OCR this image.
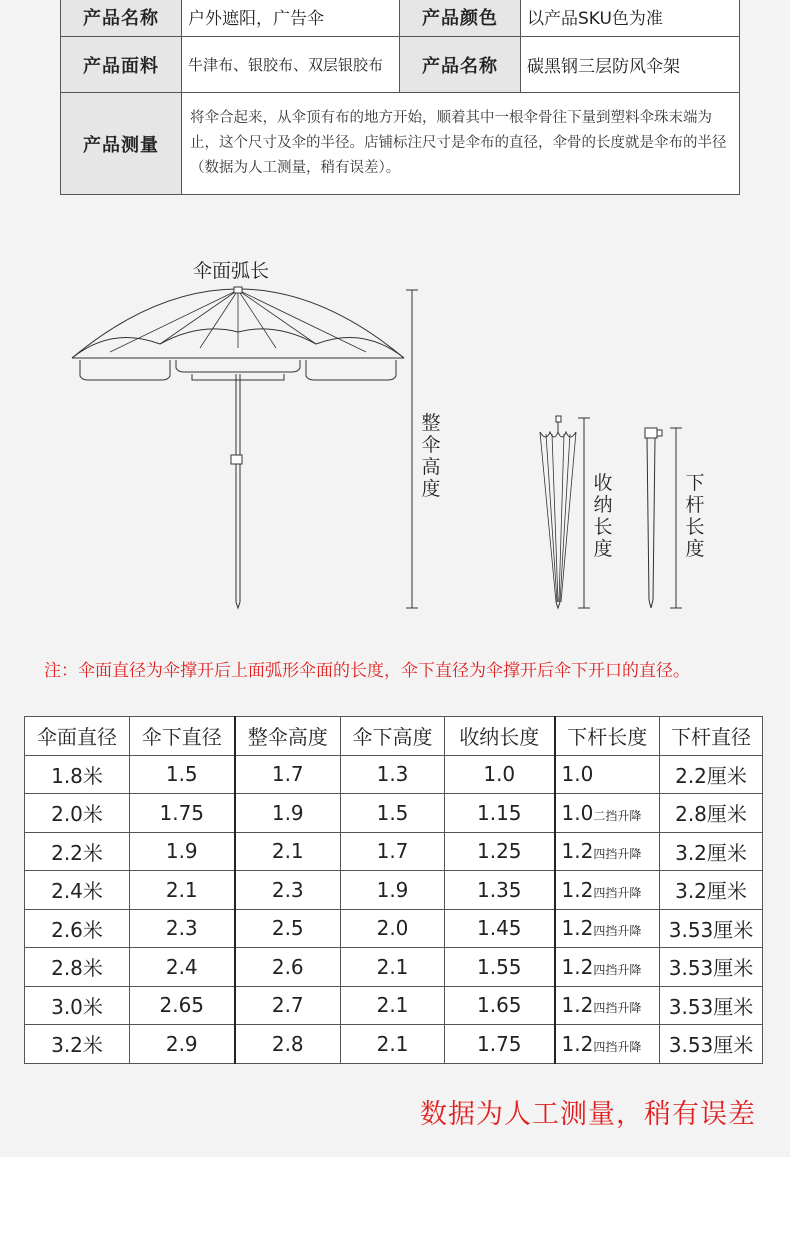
产品名称	户外遮阳，广告伞	产品颜色	以产品SKU色为准
产品面料	牛津布、银胶布、双层银胶布	产品名称	碳黑钢三层防风伞架
产品测量	将伞合起来，从伞顶有布的地方开始，顺着其中一根伞骨往下量到塑料伞珠末端为止，这个尺寸及伞的半径。店铺标注尺寸是伞布的直径，伞骨的长度就是伞布的半径（数据为人工测量，稍有误差）。		
伞面弧长
整伞高度	收纳长度
下杆长度
注：伞面直径为伞撑开后上面弧形伞面的长度，伞下直径为伞撑开后伞下开口的直径。
伞面直径	伞下直径	整伞高度	伞下高度	收纳长度	下杆长度	下杆直径
1.8米	1.5	1.7	1.3	1.0	1.0	2.2厘米
2.0米	1.75	1.9	1.5	1.15	1.0二挡升降	2.8厘米
2.2米	1.9	2.1	1.7	1.25	1.2四挡升降	3.2厘米
2.4米	2.1	2.3	1.9	1.35	1.2四挡升降	3.2厘米
2.6米	2.3	2.5	2.0	1.45	1.2四挡升降	3.53厘米
2.8米	2.4	2.6	2.1	1.55	1.2四挡升降	3.53厘米
3.0米	2.65	2.7	2.1	1.65	1.2四挡升降	3.53厘米
3.2米	2.9	2.8	2.1	1.75	1.2四挡升降	3.53厘米
数据为人工测量，稍有误差
